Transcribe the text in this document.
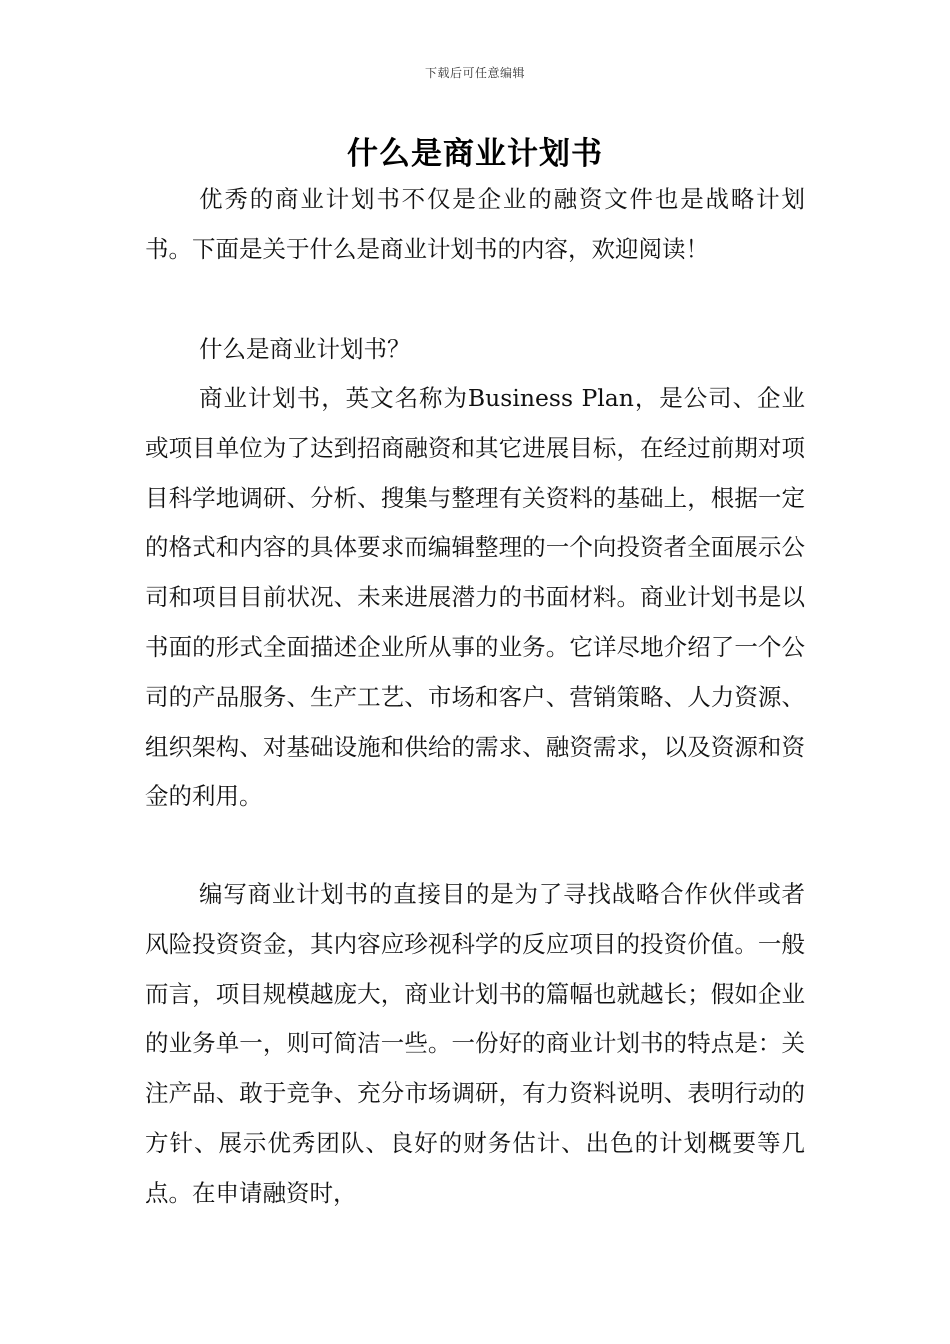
下载后可任意编辑
什么是商业计划书

优秀的商业计划书不仅是企业的融资文件也是战略计划书。下面是关于什么是商业计划书的内容，欢迎阅读！

什么是商业计划书？

商业计划书，英文名称为Business Plan，是公司、企业或项目单位为了达到招商融资和其它进展目标，在经过前期对项目科学地调研、分析、搜集与整理有关资料的基础上，根据一定的格式和内容的具体要求而编辑整理的一个向投资者全面展示公司和项目目前状况、未来进展潜力的书面材料。商业计划书是以书面的形式全面描述企业所从事的业务。它详尽地介绍了一个公司的产品服务、生产工艺、市场和客户、营销策略、人力资源、组织架构、对基础设施和供给的需求、融资需求，以及资源和资金的利用。

编写商业计划书的直接目的是为了寻找战略合作伙伴或者风险投资资金，其内容应珍视科学的反应项目的投资价值。一般而言，项目规模越庞大，商业计划书的篇幅也就越长；假如企业的业务单一，则可简洁一些。一份好的商业计划书的特点是：关注产品、敢于竞争、充分市场调研，有力资料说明、表明行动的方针、展示优秀团队、良好的财务估计、出色的计划概要等几点。在申请融资时，
